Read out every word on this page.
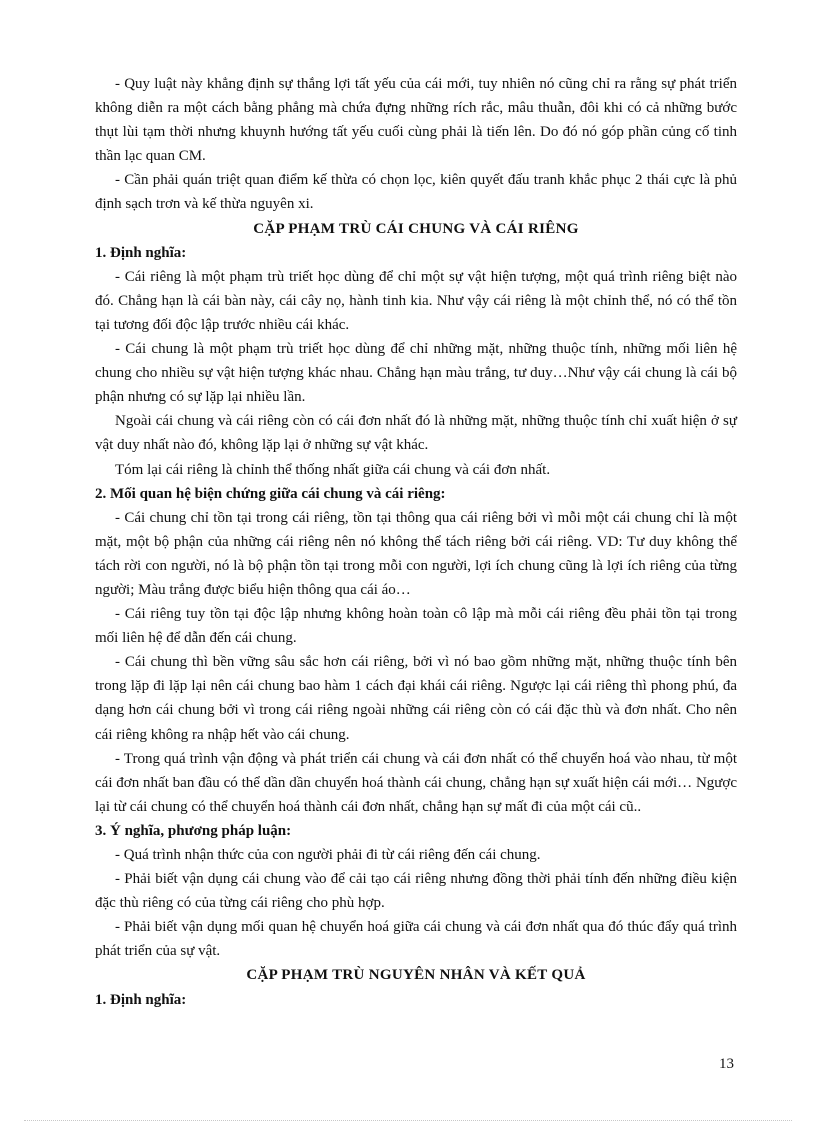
- Quy luật này khẳng định sự thắng lợi tất yếu của cái mới, tuy nhiên nó cũng chỉ ra rằng sự phát triển không diễn ra một cách bằng phẳng mà chứa đựng những rích rắc, mâu thuẫn, đôi khi có cả những bước thụt lùi tạm thời nhưng khuynh hướng tất yếu cuối cùng phải là tiến lên. Do đó nó góp phần củng cố tinh thần lạc quan CM.

- Cần phải quán triệt quan điểm kế thừa có chọn lọc, kiên quyết đấu tranh khắc phục 2 thái cực là phủ định sạch trơn và kế thừa nguyên xi.

CẶP PHẠM TRÙ CÁI CHUNG VÀ CÁI RIÊNG

1. Định nghĩa:

- Cái riêng là một phạm trù triết học dùng để chỉ một sự vật hiện tượng, một quá trình riêng biệt nào đó. Chẳng hạn là cái bàn này, cái cây nọ, hành tinh kia. Như vậy cái riêng là một chỉnh thể, nó có thể tồn tại tương đối độc lập trước nhiều cái khác.

- Cái chung là một phạm trù triết học dùng để chỉ những mặt, những thuộc tính, những mối liên hệ chung cho nhiều sự vật hiện tượng khác nhau. Chẳng hạn màu trắng, tư duy…Như vậy cái chung là cái bộ phận nhưng có sự lặp lại nhiều lần.

Ngoài cái chung và cái riêng còn có cái đơn nhất đó là những mặt, những thuộc tính chỉ xuất hiện ở sự vật duy nhất nào đó, không lặp lại ở những sự vật khác.

Tóm lại cái riêng là chỉnh thể thống nhất giữa cái chung và cái đơn nhất.

2. Mối quan hệ biện chứng giữa cái chung và cái riêng:

- Cái chung chỉ tồn tại trong cái riêng, tồn tại thông qua cái riêng bởi vì mỗi một cái chung chỉ là một mặt, một bộ phận của những cái riêng nên nó không thể tách riêng bởi cái riêng. VD: Tư duy không thể tách rời con người, nó là bộ phận tồn tại trong mỗi con người, lợi ích chung cũng là lợi ích riêng của từng người; Màu trắng được biểu hiện thông qua cái áo…

- Cái riêng tuy tồn tại độc lập nhưng không hoàn toàn cô lập mà mỗi cái riêng đều phải tồn tại trong mối liên hệ để dẫn đến cái chung.

- Cái chung thì bền vững sâu sắc hơn cái riêng, bởi vì nó bao gồm những mặt, những thuộc tính bên trong lặp đi lặp lại nên cái chung bao hàm 1 cách đại khái cái riêng. Ngược lại cái riêng thì phong phú, đa dạng hơn cái chung bởi vì trong cái riêng ngoài những cái riêng còn có cái đặc thù và đơn nhất. Cho nên cái riêng không ra nhập hết vào cái chung.

- Trong quá trình vận động và phát triển cái chung và cái đơn nhất có thể chuyển hoá vào nhau, từ một cái đơn nhất ban đầu có thể dần dần chuyển hoá thành cái chung, chẳng hạn sự xuất hiện cái mới… Ngược lại từ cái chung có thể chuyển hoá thành cái đơn nhất, chẳng hạn sự mất đi của một cái cũ..

3. Ý nghĩa, phương pháp luận:

- Quá trình nhận thức của con người phải đi từ cái riêng đến cái chung.

- Phải biết vận dụng cái chung vào để cải tạo cái riêng nhưng đồng thời phải tính đến những điều kiện đặc thù riêng có của từng cái riêng cho phù hợp.

- Phải biết vận dụng mối quan hệ chuyển hoá giữa cái chung và cái đơn nhất qua đó thúc đẩy quá trình phát triển của sự vật.

CẶP PHẠM TRÙ NGUYÊN NHÂN VÀ KẾT QUẢ

1. Định nghĩa:

13
